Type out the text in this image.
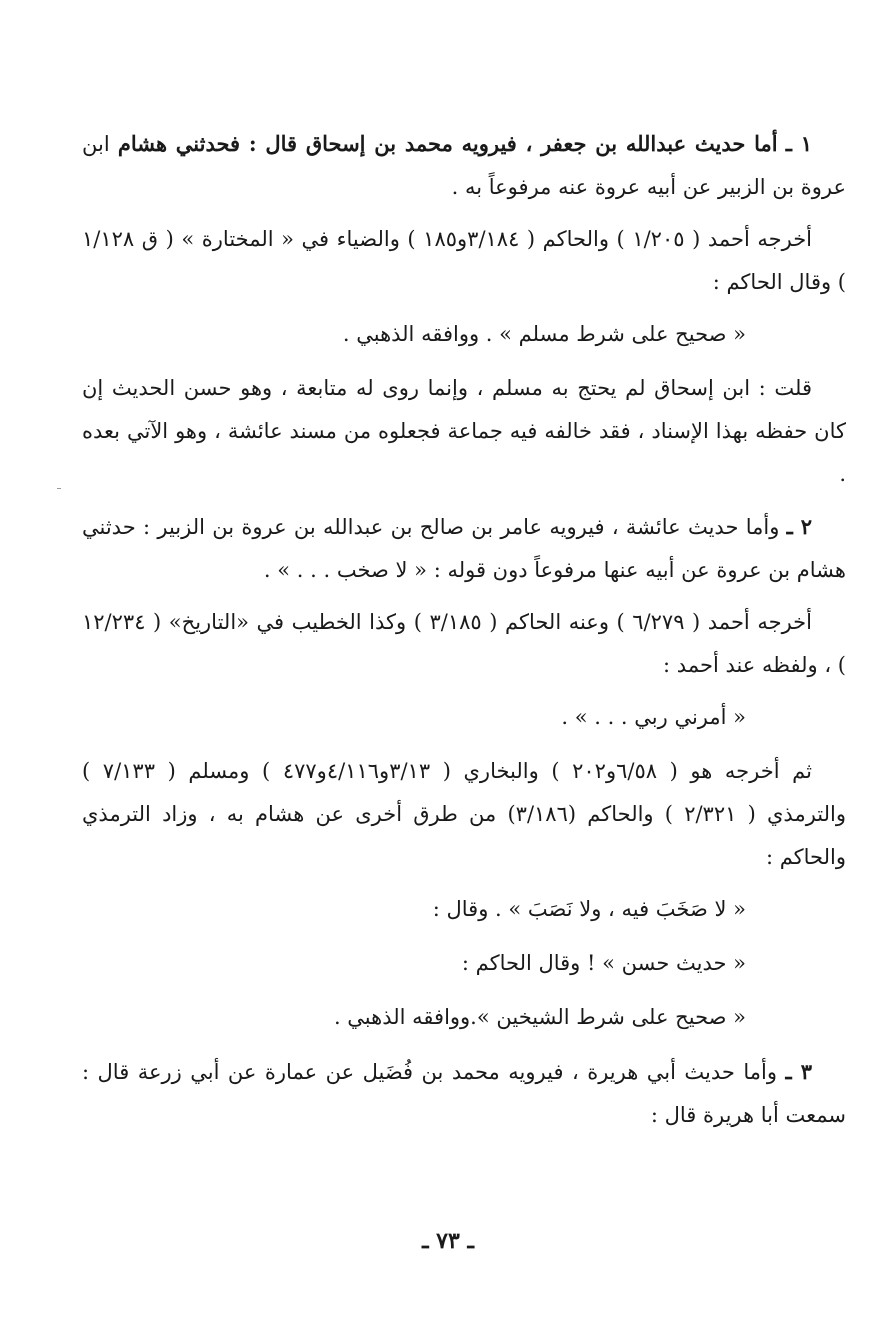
١ ـ أما حديث عبدالله بن جعفر ، فيرويه محمد بن إسحاق قال : فحدثني هشام ابن عروة بن الزبير عن أبيه عروة عنه مرفوعاً به .

أخرجه أحمد ( ١/٢٠٥ ) والحاكم ( ٣/١٨٤و١٨٥ ) والضياء في « المختارة » ( ق ١/١٢٨ ) وقال الحاكم :

« صحيح على شرط مسلم » . ووافقه الذهبي .

قلت : ابن إسحاق لم يحتج به مسلم ، وإنما روى له متابعة ، وهو حسن الحديث إن كان حفظه بهذا الإسناد ، فقد خالفه فيه جماعة فجعلوه من مسند عائشة ، وهو الآتي بعده .

٢ ـ وأما حديث عائشة ، فيرويه عامر بن صالح بن عبدالله بن عروة بن الزبير : حدثني هشام بن عروة عن أبيه عنها مرفوعاً دون قوله : « لا صخب . . . » .

أخرجه أحمد ( ٦/٢٧٩ ) وعنه الحاكم ( ٣/١٨٥ ) وكذا الخطيب في «التاريخ» ( ١٢/٢٣٤ ) ، ولفظه عند أحمد :

« أمرني ربي . . . » .

ثم أخرجه هو ( ٦/٥٨و٢٠٢ ) والبخاري ( ٣/١٣و٤/١١٦و٤٧٧ ) ومسلم ( ٧/١٣٣ ) والترمذي ( ٢/٣٢١ ) والحاكم (٣/١٨٦) من طرق أخرى عن هشام به ، وزاد الترمذي والحاكم :

« لا صَخَبَ فيه ، ولا نَصَبَ » . وقال :

« حديث حسن » ! وقال الحاكم :

« صحيح على شرط الشيخين ».ووافقه الذهبي .

٣ ـ وأما حديث أبي هريرة ، فيرويه محمد بن فُضَيل عن عمارة عن أبي زرعة قال : سمعت أبا هريرة قال :

ـ ٧٣ ـ
